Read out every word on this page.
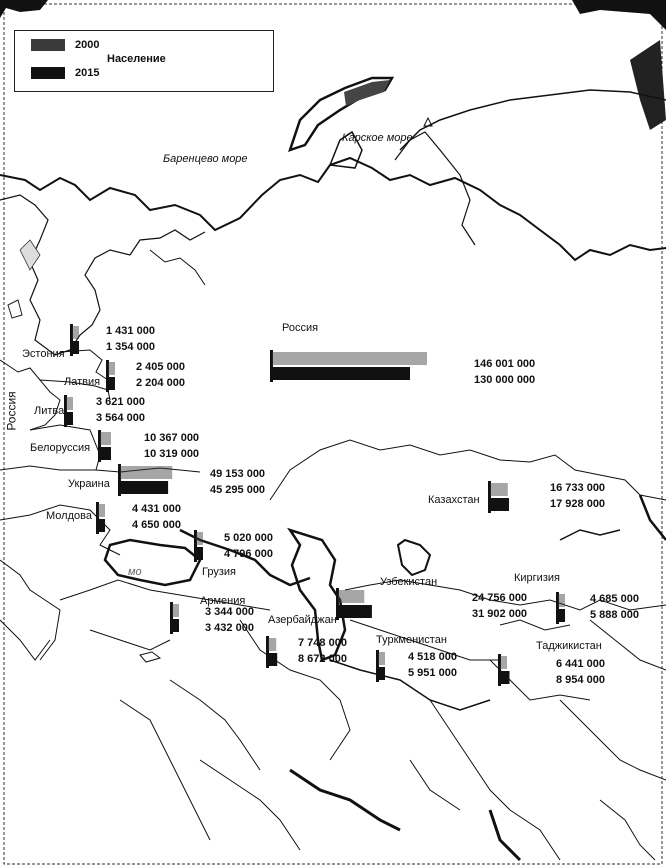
2000
Население
2015
Баренцево море
Карское море
мо
Россия
Эстония
1 431 000
1 354 000
Латвия
2 405 000
2 204 000
Литва
3 621 000
3 564 000
Белоруссия
10 367 000
10 319 000
Украина
49 153 000
45 295 000
Молдова
4 431 000
4 650 000
Грузия
5 020 000
4 796 000
Армения
3 344 000
3 432 000
Азербайджан
7 748 000
8 672 000
Россия
146 001 000
130 000 000
Казахстан
16 733 000
17 928 000
Узбекистан
24 756 000
31 902 000
Туркменистан
4 518 000
5 951 000
Киргизия
4 685 000
5 888 000
Таджикистан
6 441 000
8 954 000
